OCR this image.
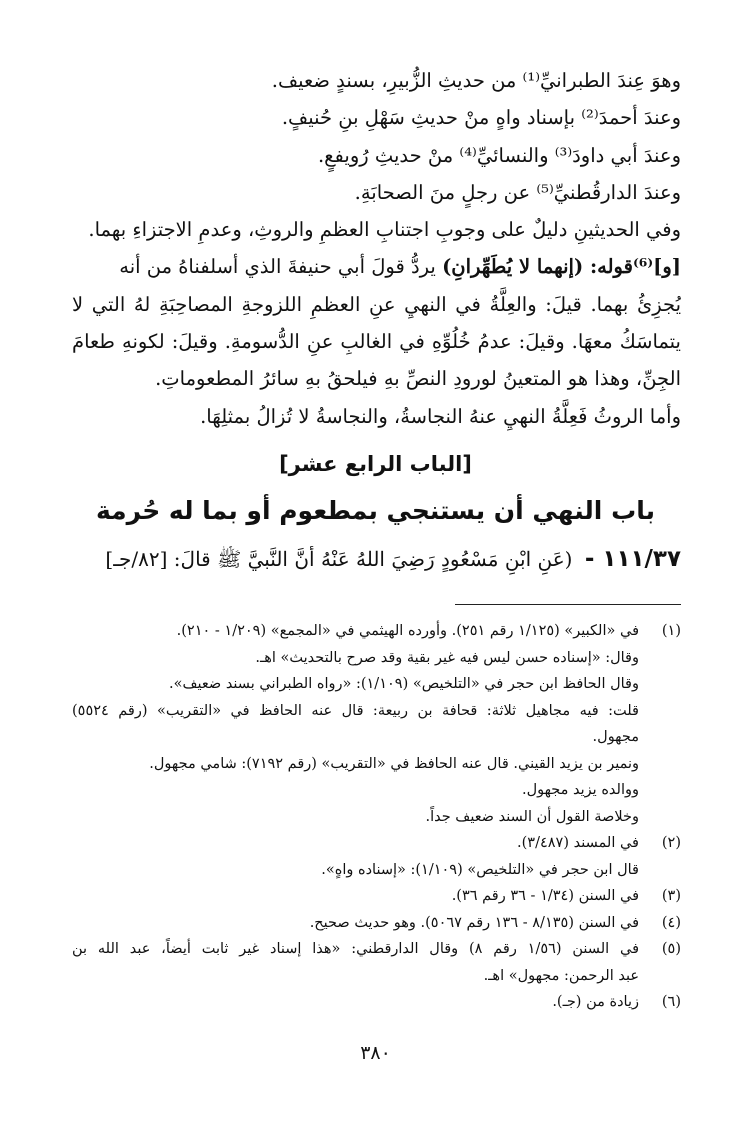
وهوَ عِندَ الطبرانيِّ⁽¹⁾ من حديثِ الزُّبيرِ، بسندٍ ضعيف.
وعندَ أحمدَ⁽²⁾ بإسناد واهٍ منْ حديثِ سَهْلِ بنِ حُنيفٍ.
وعندَ أبي داودَ⁽³⁾ والنسائيِّ⁽⁴⁾ منْ حديثِ رُويفعٍ.
وعندَ الدارقُطنيِّ⁽⁵⁾ عن رجلٍ منَ الصحابَةِ.
وفي الحديثينِ دليلٌ على وجوبِ اجتنابِ العظمِ والروثِ، وعدمِ الاجتزاءِ بهما.
[و]⁽⁶⁾قوله: (إنهما لا يُطَهِّرانِ) يردُّ قولَ أبي حنيفةَ الذي أسلفناهُ من أنه
يُجزِئُ بهما. قيلَ: والعِلَّةُ في النهيِ عنِ العظمِ اللزوجةِ المصاحِبَةِ لهُ التي لا
يتماسَكُ معهَا. وقيلَ: عدمُ خُلُوِّهِ في الغالبِ عنِ الدُّسومةِ. وقيلَ: لكونهِ طعامَ
الجِنِّ، وهذا هو المتعينُ لورودِ النصِّ بهِ فيلحقُ بهِ سائرُ المطعوماتِ.
وأما الروثُ فَعِلَّةُ النهيِ عنهُ النجاسةُ، والنجاسةُ لا تُزالُ بمثلِهَا.
[الباب الرابع عشر]
باب النهي أن يستنجي بمطعوم أو بما له حُرمة
١١١/٣٧ - (عَنِ ابْنِ مَسْعُودٍ رَضِيَ اللهُ عَنْهُ أنَّ النَّبيَّ ﷺ قالَ: [٨٢/جـ]
(١)
في «الكبير» (١/١٢٥ رقم ٢٥١). وأورده الهيثمي في «المجمع» (١/٢٠٩ - ٢١٠).
وقال: «إسناده حسن ليس فيه غير بقية وقد صرح بالتحديث» اهـ.
وقال الحافظ ابن حجر في «التلخيص» (١/١٠٩): «رواه الطبراني بسند ضعيف».
قلت: فيه مجاهيل ثلاثة: قحافة بن ربيعة: قال عنه الحافظ في «التقريب» (رقم ٥٥٢٤)
مجهول.
ونمير بن يزيد القيني. قال عنه الحافظ في «التقريب» (رقم ٧١٩٢): شامي مجهول.
ووالده يزيد مجهول.
وخلاصة القول أن السند ضعيف جداً.
(٢)
في المسند (٣/٤٨٧).
قال ابن حجر في «التلخيص» (١/١٠٩): «إسناده واهٍ».
(٣)
في السنن (١/٣٤ - ٣٦ رقم ٣٦).
(٤)
في السنن (٨/١٣٥ - ١٣٦ رقم ٥٠٦٧). وهو حديث صحيح.
(٥)
في السنن (١/٥٦ رقم ٨) وقال الدارقطني: «هذا إسناد غير ثابت أيضاً، عبد الله بن
عبد الرحمن: مجهول» اهـ.
(٦)
زيادة من (جـ).
٣٨٠
